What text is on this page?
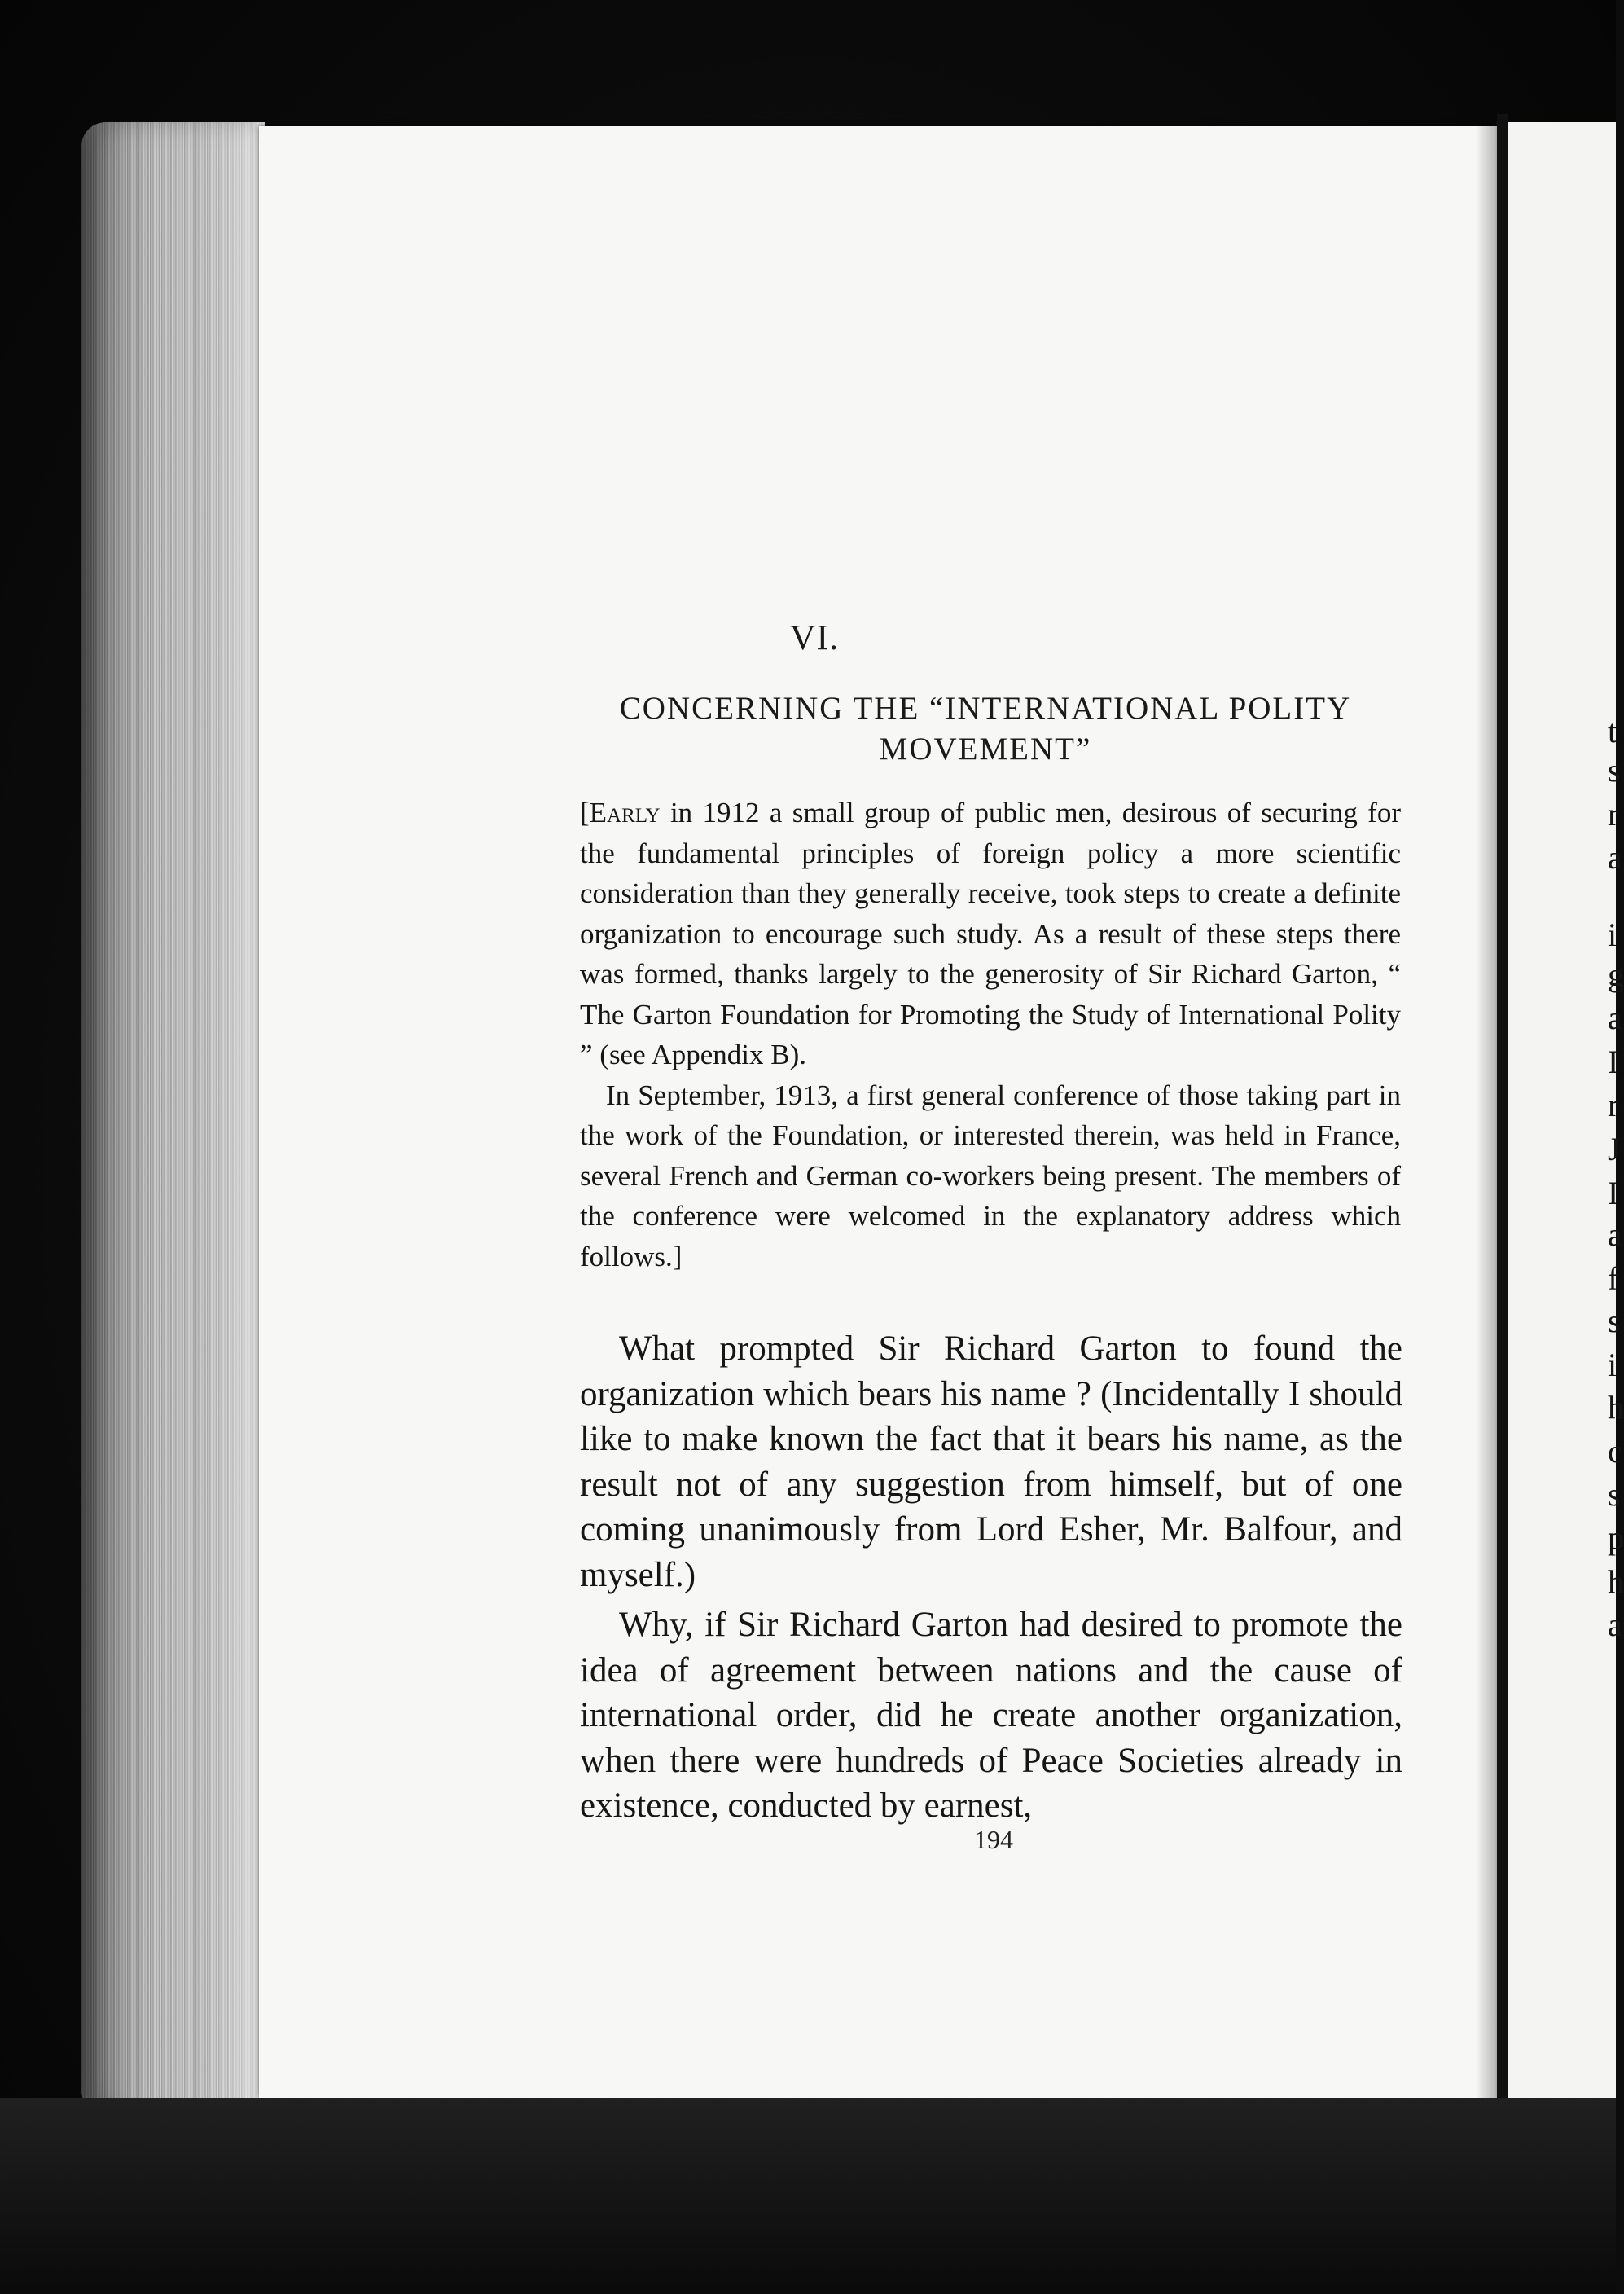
t
s
r
a
i
g
a
I
r
J
I
a
f
s
i
h
c
s
p
h
a
VI.
CONCERNING THE “INTERNATIONAL POLITY
MOVEMENT”

[Early in 1912 a small group of public men, desirous of securing for the fundamental principles of foreign policy a more scientific consideration than they generally receive, took steps to create a definite organization to encourage such study. As a result of these steps there was formed, thanks largely to the generosity of Sir Richard Garton, “ The Garton Foundation for Promoting the Study of International Polity ” (see Appendix B).

In September, 1913, a first general conference of those taking part in the work of the Foundation, or interested therein, was held in France, several French and German co-workers being present. The members of the conference were welcomed in the explanatory address which follows.]

What prompted Sir Richard Garton to found the organization which bears his name ? (Incidentally I should like to make known the fact that it bears his name, as the result not of any suggestion from himself, but of one coming unanimously from Lord Esher, Mr. Balfour, and myself.)

Why, if Sir Richard Garton had desired to promote the idea of agreement between nations and the cause of international order, did he create another organization, when there were hundreds of Peace Societies already in existence, conducted by earnest,

194
